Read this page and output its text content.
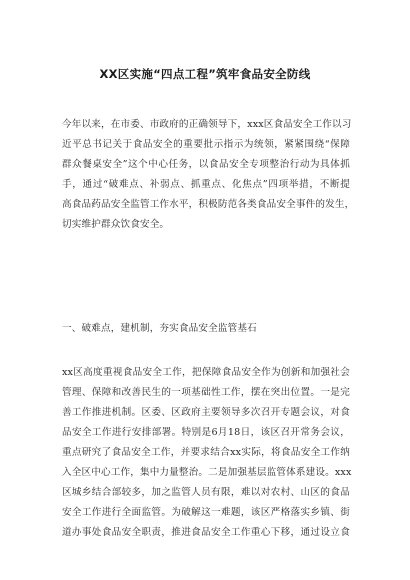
XX区实施“四点工程”筑牢食品安全防线
今年以来，在市委、市政府的正确领导下，xxx区食品安全工作以习
近平总书记关于食品安全的重要批示指示为统领，紧紧围绕“保障
群众餐桌安全”这个中心任务，以食品安全专项整治行动为具体抓
手，通过“破难点、补弱点、抓重点、化焦点”四项举措，不断提
高食品药品安全监管工作水平，积极防范各类食品安全事件的发生，
切实维护群众饮食安全。
一、破难点，建机制，夯实食品安全监管基石
xx区高度重视食品安全工作，把保障食品安全作为创新和加强社会
管理、保障和改善民生的一项基础性工作，摆在突出位置。一是完
善工作推进机制。区委、区政府主要领导多次召开专题会议，对食
品安全工作进行安排部署。特别是6月18日，该区召开常务会议，
重点研究了食品安全工作，并要求结合xx实际，将食品安全工作纳
入全区中心工作，集中力量整治。二是加强基层监管体系建设。xxx
区城乡结合部较多，加之监管人员有限，难以对农村、山区的食品
安全工作进行全面监管。为破解这一难题，该区严格落实乡镇、街
道办事处食品安全职责，推进食品安全工作重心下移，通过设立食
